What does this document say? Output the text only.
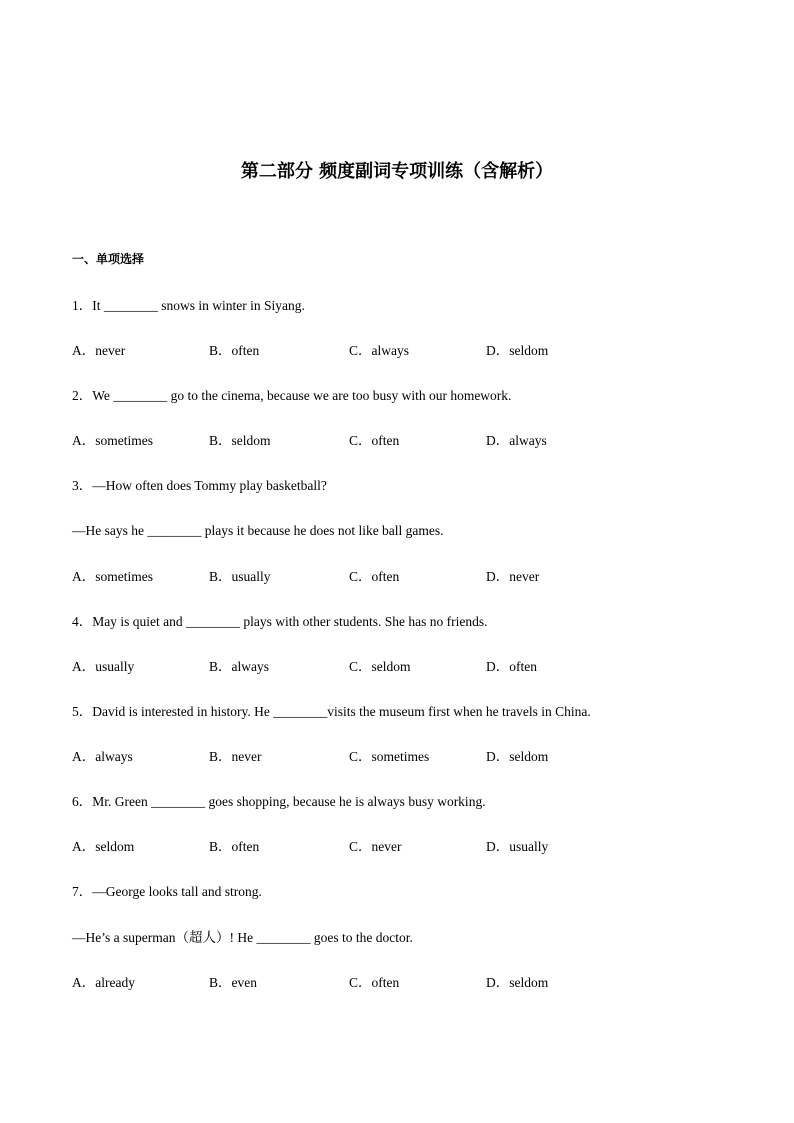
第二部分 频度副词专项训练（含解析）
一、单项选择
1．It ________ snows in winter in Siyang.
A．never	B．often	C．always	D．seldom
2．We ________ go to the cinema, because we are too busy with our homework.
A．sometimes	B．seldom	C．often	D．always
3．—How often does Tommy play basketball?
—He says he ________ plays it because he does not like ball games.
A．sometimes	B．usually	C．often	D．never
4．May is quiet and ________ plays with other students. She has no friends.
A．usually	B．always	C．seldom	D．often
5．David is interested in history. He ________visits the museum first when he travels in China.
A．always	B．never	C．sometimes	D．seldom
6．Mr. Green ________ goes shopping, because he is always busy working.
A．seldom	B．often	C．never	D．usually
7．—George looks tall and strong.
—He’s a superman（超人）! He ________ goes to the doctor.
A．already	B．even	C．often	D．seldom
